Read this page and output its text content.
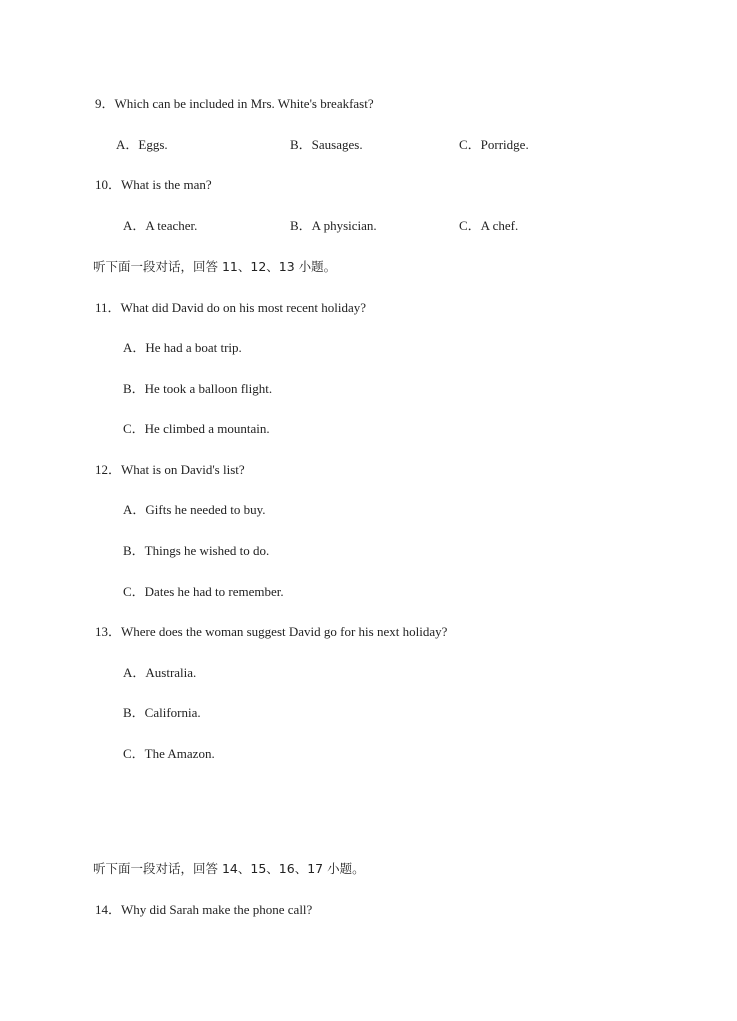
9．Which can be included in Mrs. White's breakfast?
A．Eggs.	B．Sausages.	C．Porridge.
10．What is the man?
A．A teacher.	B．A physician.	C．A chef.
听下面一段对话，回答 11、12、13 小题。
11．What did David do on his most recent holiday?
A．He had a boat trip.
B．He took a balloon flight.
C．He climbed a mountain.
12．What is on David's list?
A．Gifts he needed to buy.
B．Things he wished to do.
C．Dates he had to remember.
13．Where does the woman suggest David go for his next holiday?
A．Australia.
B．California.
C．The Amazon.
听下面一段对话，回答 14、15、16、17 小题。
14．Why did Sarah make the phone call?
